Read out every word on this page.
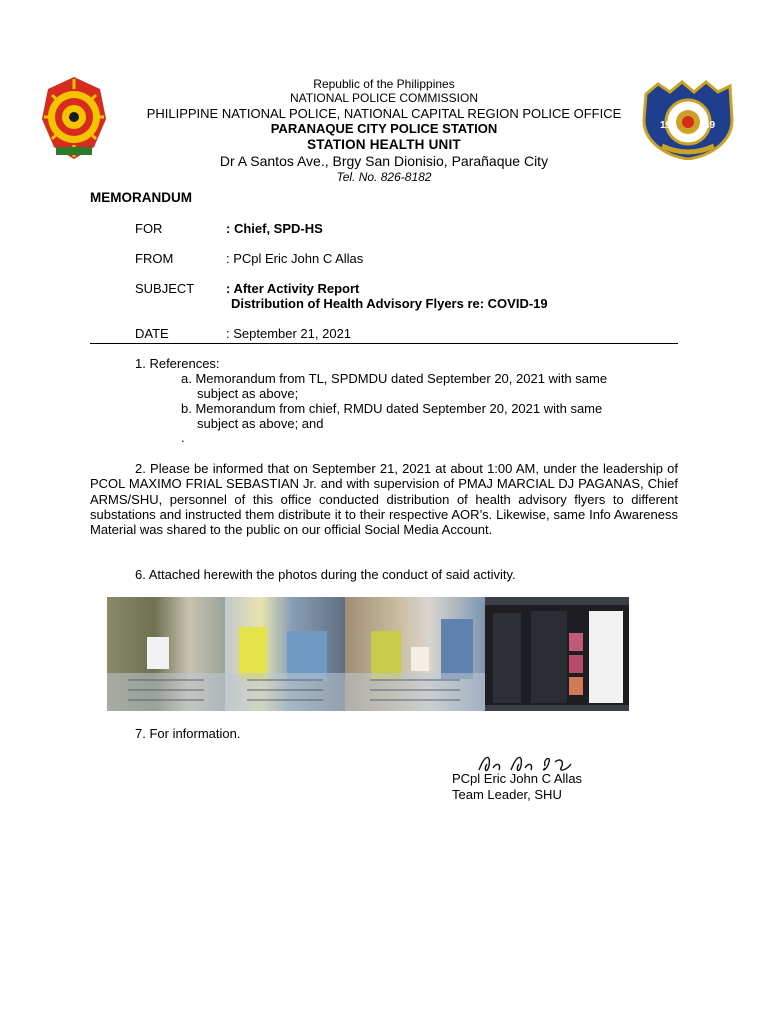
19	49
Republic of the Philippines
NATIONAL POLICE COMMISSION
PHILIPPINE NATIONAL POLICE, NATIONAL CAPITAL REGION POLICE OFFICE
PARANAQUE CITY POLICE STATION
STATION HEALTH UNIT
Dr A Santos Ave., Brgy San Dionisio, Parañaque City
Tel. No. 826-8182
MEMORANDUM
FOR	: Chief, SPD-HS
FROM	: PCpl Eric John C Allas
SUBJECT	: After Activity Report
Distribution of Health Advisory Flyers re: COVID-19
DATE	: September 21, 2021
1. References:
a. Memorandum from TL, SPDMDU dated September 20, 2021 with same
subject as above;
b. Memorandum from chief, RMDU dated September 20, 2021 with same
subject as above; and
.
2. Please be informed that on September 21, 2021 at about 1:00 AM, under the leadership of PCOL MAXIMO FRIAL SEBASTIAN Jr. and with supervision of PMAJ MARCIAL DJ PAGANAS, Chief ARMS/SHU, personnel of this office conducted distribution of health advisory flyers to different substations and instructed them distribute it to their respective AOR’s. Likewise, same Info Awareness Material was shared to the public on our official Social Media Account.
6. Attached herewith the photos during the conduct of said activity.
7. For information.
PCpl Eric John C Allas
Team Leader, SHU
